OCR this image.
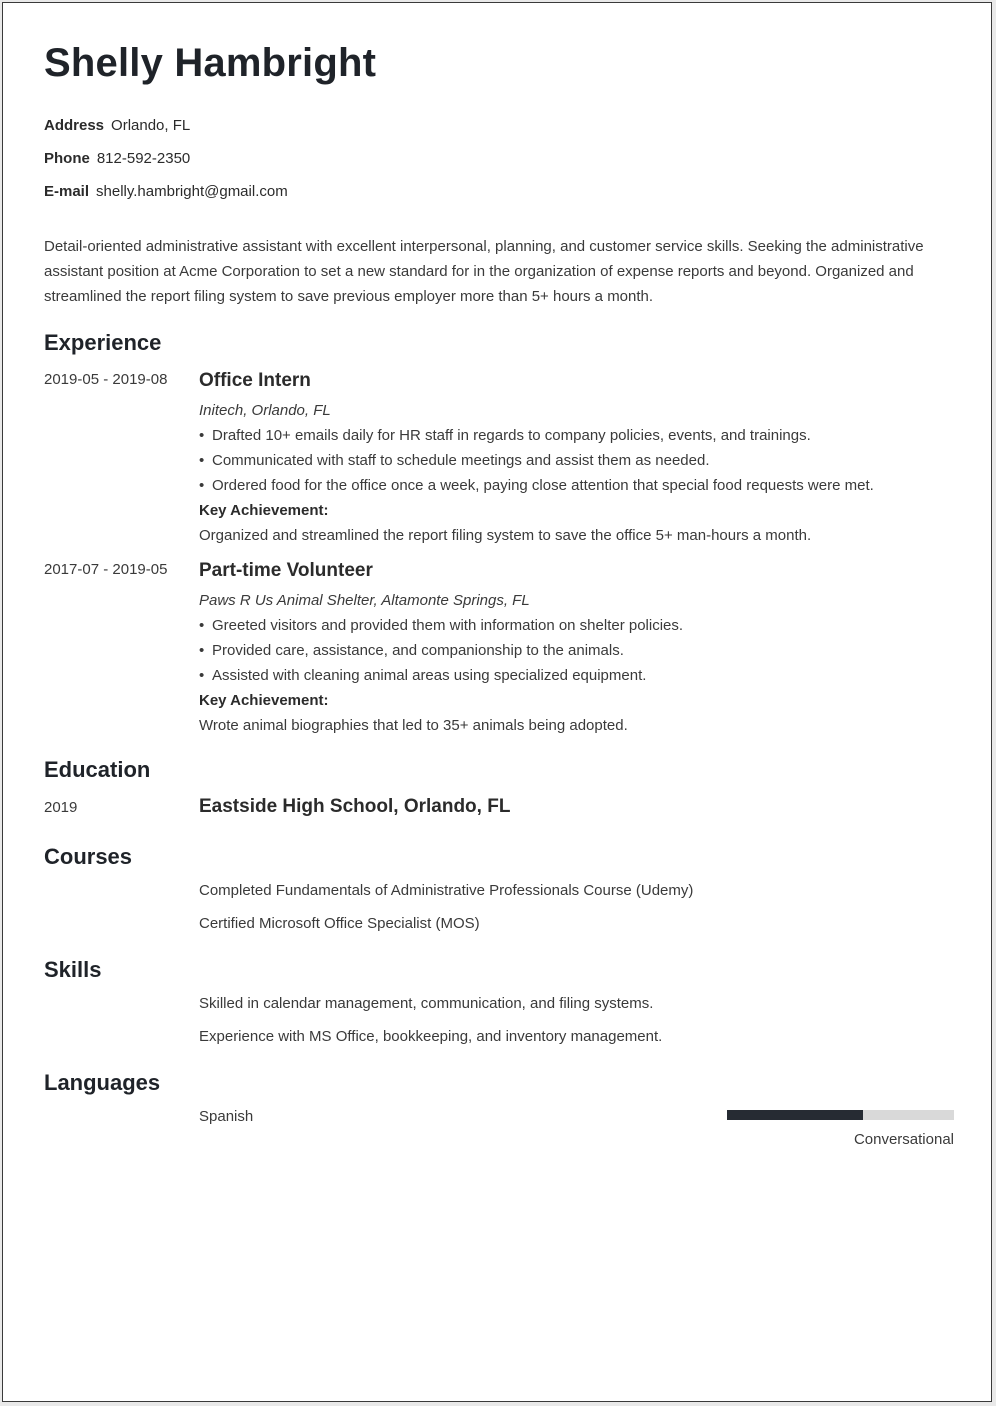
Shelly Hambright
Address Orlando, FL
Phone 812-592-2350
E-mail shelly.hambright@gmail.com
Detail-oriented administrative assistant with excellent interpersonal, planning, and customer service skills. Seeking the administrative assistant position at Acme Corporation to set a new standard for in the organization of expense reports and beyond. Organized and streamlined the report filing system to save previous employer more than 5+ hours a month.
Experience
2019-05 - 2019-08 Office Intern
Initech, Orlando, FL
• Drafted 10+ emails daily for HR staff in regards to company policies, events, and trainings.
• Communicated with staff to schedule meetings and assist them as needed.
• Ordered food for the office once a week, paying close attention that special food requests were met.
Key Achievement:
Organized and streamlined the report filing system to save the office 5+ man-hours a month.
2017-07 - 2019-05 Part-time Volunteer
Paws R Us Animal Shelter, Altamonte Springs, FL
• Greeted visitors and provided them with information on shelter policies.
• Provided care, assistance, and companionship to the animals.
• Assisted with cleaning animal areas using specialized equipment.
Key Achievement:
Wrote animal biographies that led to 35+ animals being adopted.
Education
2019	Eastside High School, Orlando, FL
Courses
Completed Fundamentals of Administrative Professionals Course (Udemy)
Certified Microsoft Office Specialist (MOS)
Skills
Skilled in calendar management, communication, and filing systems.
Experience with MS Office, bookkeeping, and inventory management.
Languages
Spanish
Conversational
